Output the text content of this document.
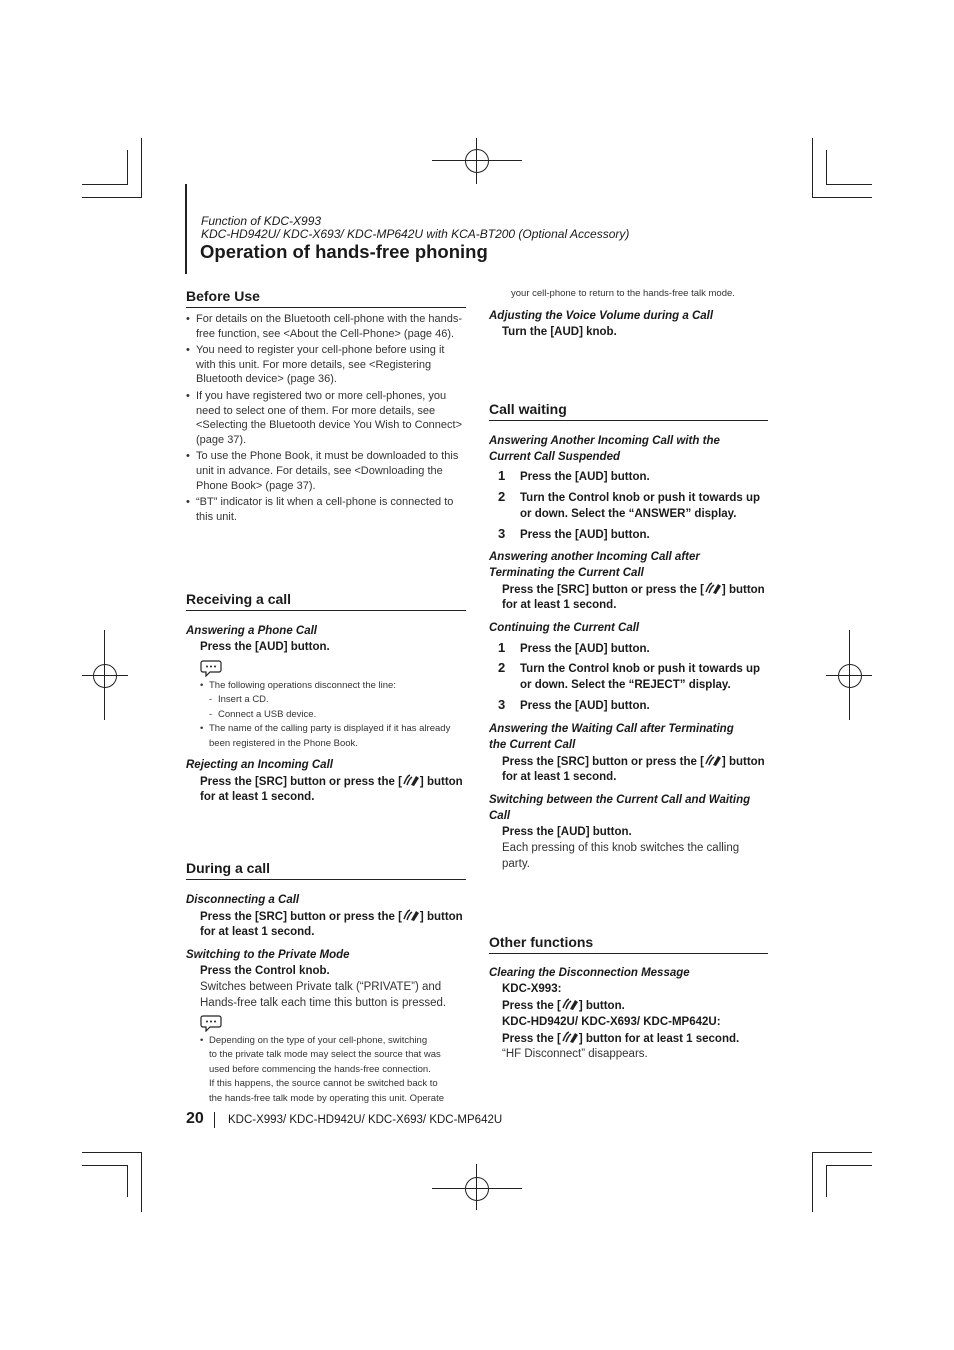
Function of KDC-X993
KDC-HD942U/ KDC-X693/ KDC-MP642U with KCA-BT200 (Optional Accessory)
Operation of hands-free phoning
Before Use
• For details on the Bluetooth cell-phone with the hands-free function, see <About the Cell-Phone> (page 46).
• You need to register your cell-phone before using it with this unit. For more details, see <Registering Bluetooth device> (page 36).
• If you have registered two or more cell-phones, you need to select one of them. For more details, see <Selecting the Bluetooth device You Wish to Connect> (page 37).
• To use the Phone Book, it must be downloaded to this unit in advance. For details, see <Downloading the Phone Book> (page 37).
• “BT” indicator is lit when a cell-phone is connected to this unit.
Receiving a call
Answering a Phone Call
Press the [AUD] button.
• The following operations disconnect the line:
- Insert a CD.
- Connect a USB device.
• The name of the calling party is displayed if it has already
been registered in the Phone Book.
Rejecting an Incoming Call
Press the [SRC] button or press the [ ] button
for at least 1 second.
During a call
Disconnecting a Call
Press the [SRC] button or press the [ ] button
for at least 1 second.
Switching to the Private Mode
Press the Control knob.
Switches between Private talk (“PRIVATE”) and
Hands-free talk each time this button is pressed.
• Depending on the type of your cell-phone, switching
to the private talk mode may select the source that was
used before commencing the hands-free connection.
If this happens, the source cannot be switched back to
the hands-free talk mode by operating this unit. Operate
your cell-phone to return to the hands-free talk mode.
Adjusting the Voice Volume during a Call
Turn the [AUD] knob.
Call waiting
Answering Another Incoming Call with the
Current Call Suspended
1 Press the [AUD] button.
2 Turn the Control knob or push it towards up
or down. Select the “ANSWER” display.
3 Press the [AUD] button.
Answering another Incoming Call after
Terminating the Current Call
Press the [SRC] button or press the [ ] button
for at least 1 second.
Continuing the Current Call
1 Press the [AUD] button.
2 Turn the Control knob or push it towards up
or down. Select the “REJECT” display.
3 Press the [AUD] button.
Answering the Waiting Call after Terminating
the Current Call
Press the [SRC] button or press the [ ] button
for at least 1 second.
Switching between the Current Call and Waiting
Call
Press the [AUD] button.
Each pressing of this knob switches the calling
party.
Other functions
Clearing the Disconnection Message
KDC-X993:
Press the [ ] button.
KDC-HD942U/ KDC-X693/ KDC-MP642U:
Press the [ ] button for at least 1 second.
“HF Disconnect” disappears.
20 KDC-X993/ KDC-HD942U/ KDC-X693/ KDC-MP642U
